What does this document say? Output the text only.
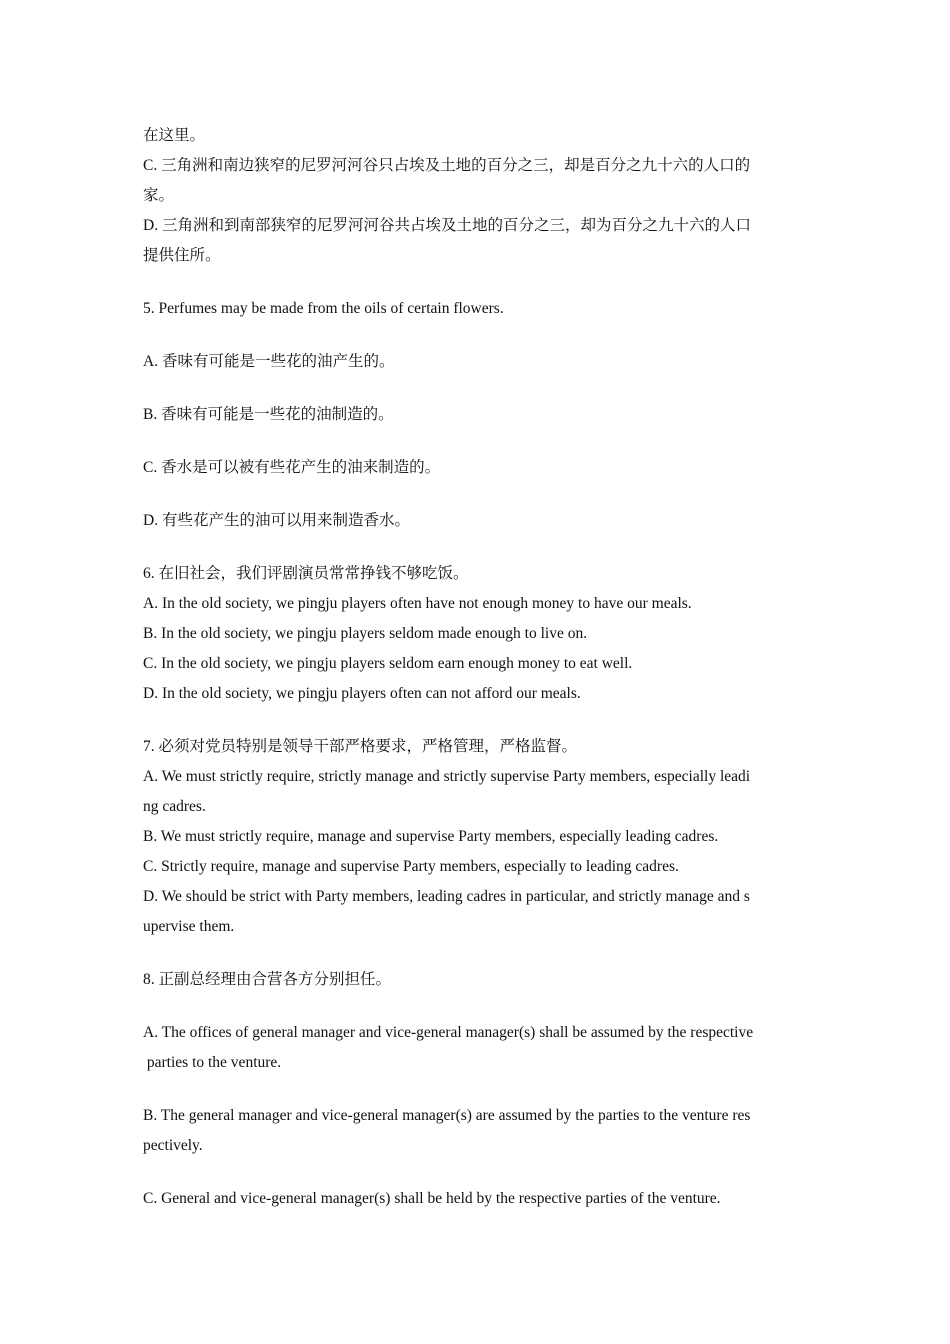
在这里。
C. 三角洲和南边狭窄的尼罗河河谷只占埃及土地的百分之三，却是百分之九十六的人口的
家。
D. 三角洲和到南部狭窄的尼罗河河谷共占埃及土地的百分之三，却为百分之九十六的人口
提供住所。
5. Perfumes may be made from the oils of certain flowers.
A. 香味有可能是一些花的油产生的。
B. 香味有可能是一些花的油制造的。
C. 香水是可以被有些花产生的油来制造的。
D. 有些花产生的油可以用来制造香水。
6. 在旧社会，我们评剧演员常常挣钱不够吃饭。
A. In the old society, we pingju players often have not enough money to have our meals.
B. In the old society, we pingju players seldom made enough to live on.
C. In the old society, we pingju players seldom earn enough money to eat well.
D. In the old society, we pingju players often can not afford our meals.
7. 必须对党员特别是领导干部严格要求，严格管理，严格监督。
A. We must strictly require, strictly manage and strictly supervise Party members, especially leadi
ng cadres.
B. We must strictly require, manage and supervise Party members, especially leading cadres.
C. Strictly require, manage and supervise Party members, especially to leading cadres.
D. We should be strict with Party members, leading cadres in particular, and strictly manage and s
upervise them.
8. 正副总经理由合营各方分别担任。
A. The offices of general manager and vice-general manager(s) shall be assumed by the respective
parties to the venture.
B. The general manager and vice-general manager(s) are assumed by the parties to the venture res
pectively.
C. General and vice-general manager(s) shall be held by the respective parties of the venture.
